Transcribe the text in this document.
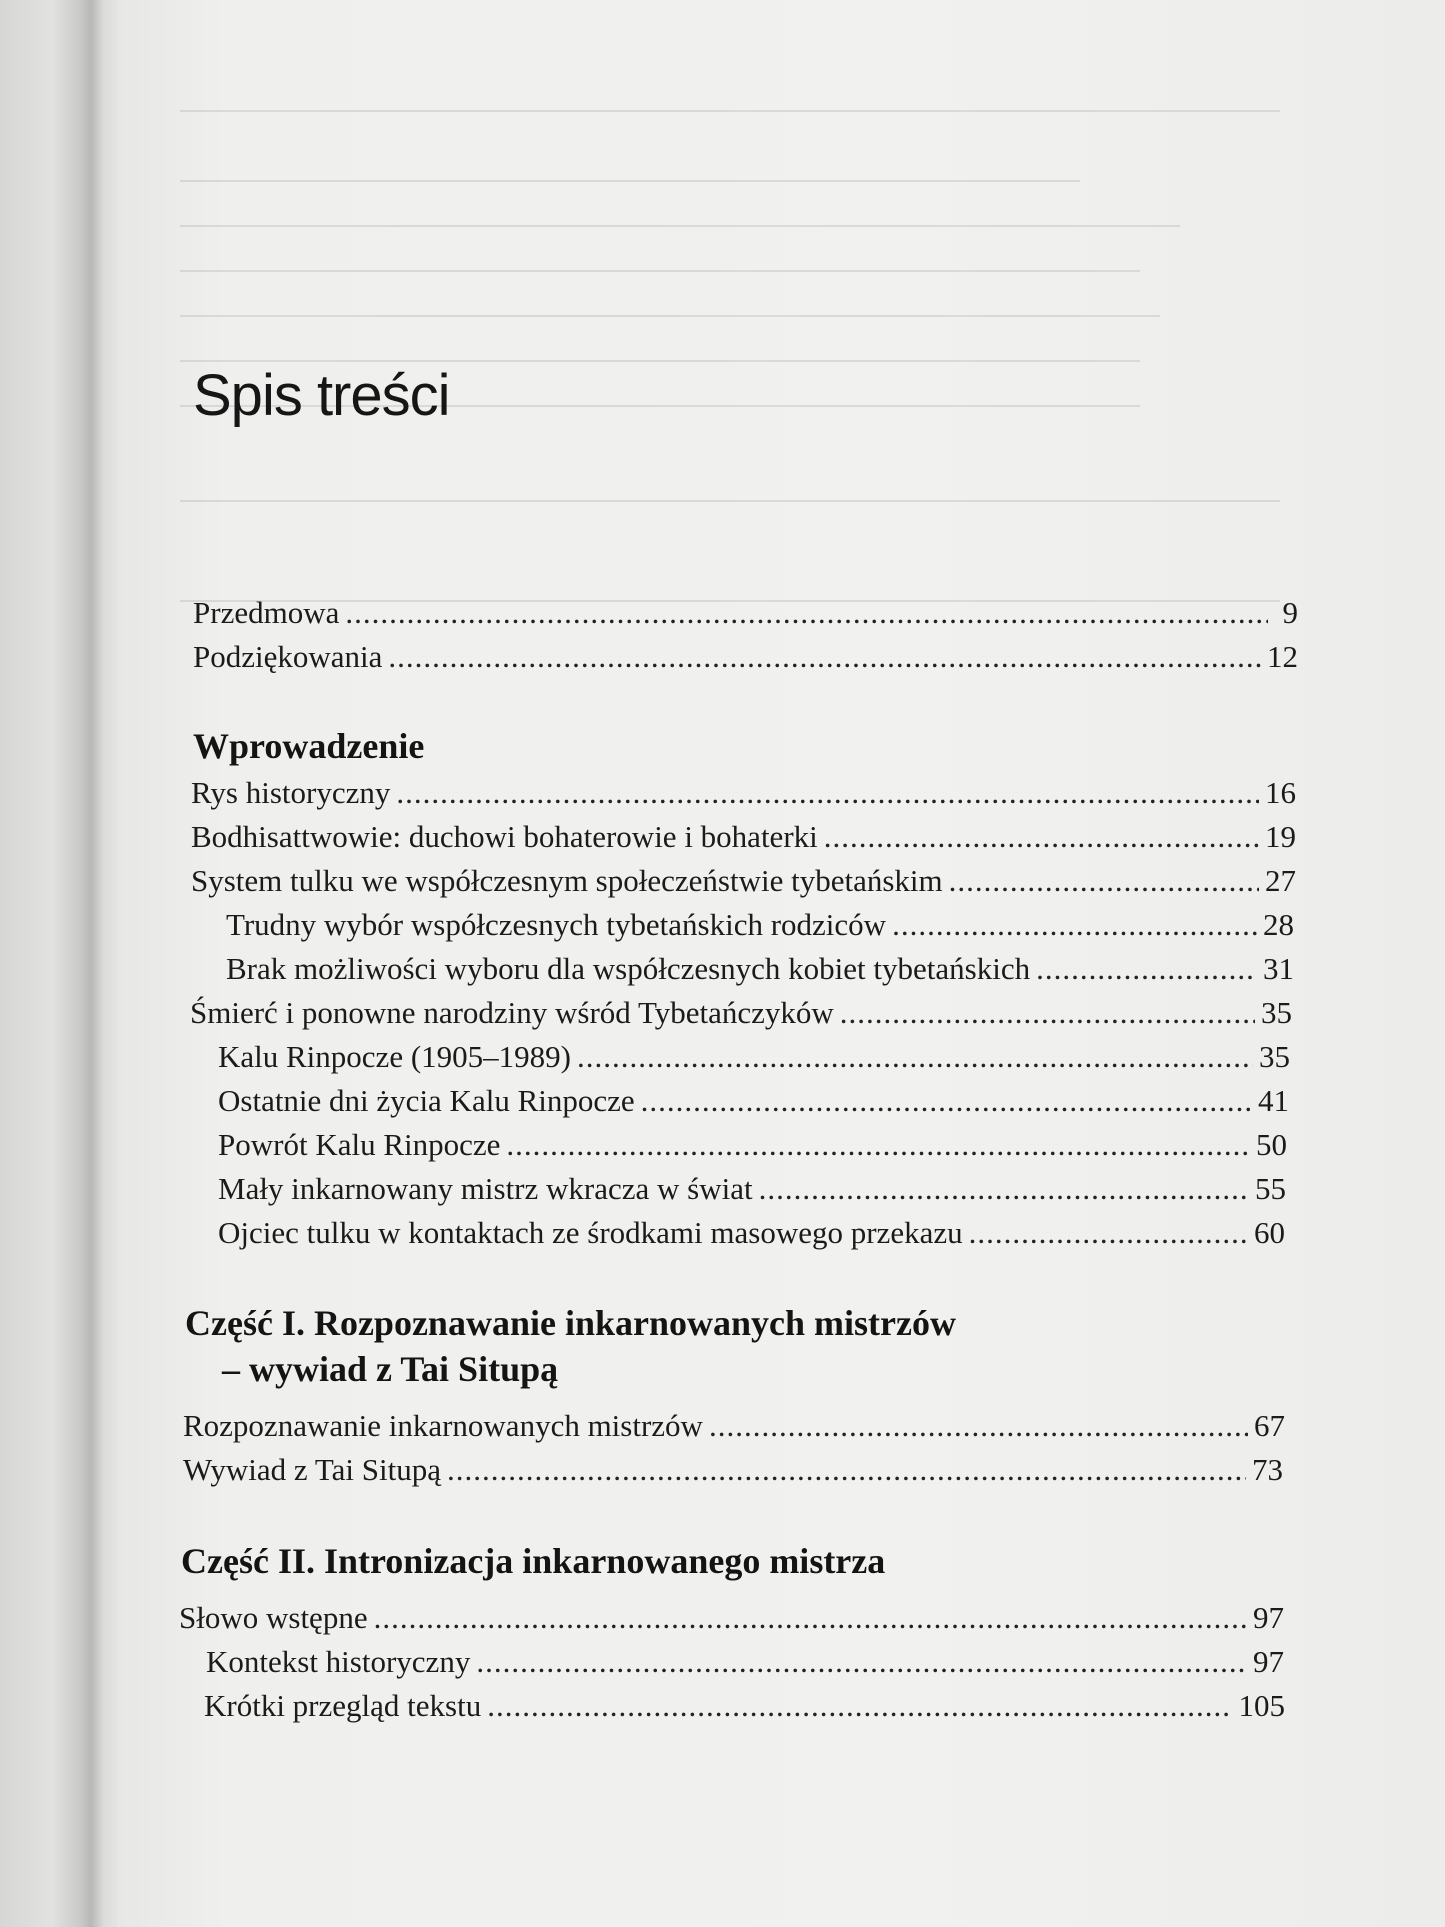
Spis treści
Przedmowa .....	9
Podziękowania .....	12
Wprowadzenie
Rys historyczny .....	16
Bodhisattwowie: duchowi bohaterowie i bohaterki .....	19
System tulku we współczesnym społeczeństwie tybetańskim .....	27
Trudny wybór współczesnych tybetańskich rodziców .....	28
Brak możliwości wyboru dla współczesnych kobiet tybetańskich .....	31
Śmierć i ponowne narodziny wśród Tybetańczyków .....	35
Kalu Rinpocze (1905–1989) .....	35
Ostatnie dni życia Kalu Rinpocze .....	41
Powrót Kalu Rinpocze .....	50
Mały inkarnowany mistrz wkracza w świat .....	55
Ojciec tulku w kontaktach ze środkami masowego przekazu .....	60
Część I. Rozpoznawanie inkarnowanych mistrzów
– wywiad z Tai Situpą
Rozpoznawanie inkarnowanych mistrzów .....	67
Wywiad z Tai Situpą .....	73
Część II. Intronizacja inkarnowanego mistrza
Słowo wstępne .....	97
Kontekst historyczny .....	97
Krótki przegląd tekstu .....	105
